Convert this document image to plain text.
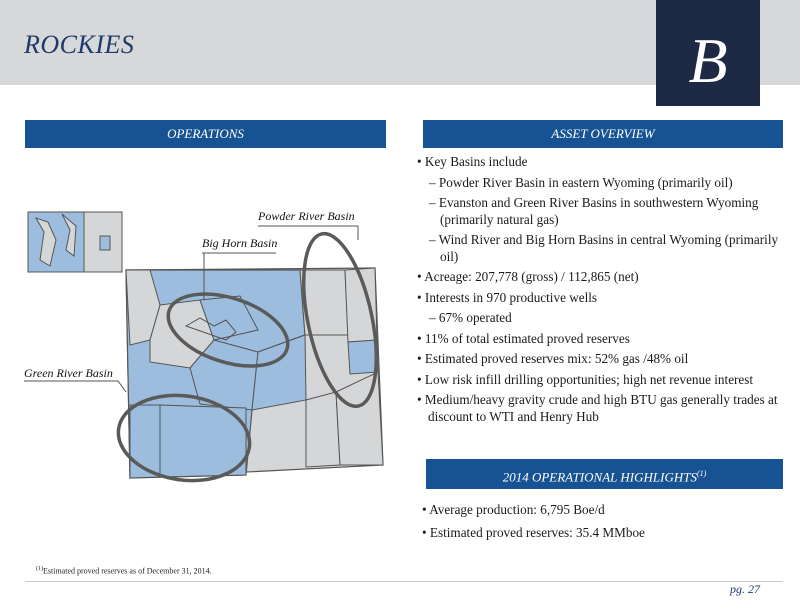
ROCKIES	B
OPERATIONS	ASSET OVERVIEW
2014 OPERATIONAL HIGHLIGHTS$^{(1)}$
Powder River Basin
Big Horn Basin
Green River Basin
• Key Basins include
– Powder River Basin in eastern Wyoming (primarily oil)
– Evanston and Green River Basins in southwestern Wyoming (primarily natural gas)
– Wind River and Big Horn Basins in central Wyoming (primarily oil)
• Acreage: 207,778 (gross) / 112,865 (net)
• Interests in 970 productive wells
– 67% operated
• 11% of total estimated proved reserves
• Estimated proved reserves mix: 52% gas /48% oil
• Low risk infill drilling opportunities; high net revenue interest
• Medium/heavy gravity crude and high BTU gas generally trades at discount to WTI and Henry Hub
• Average production: 6,795 Boe/d
• Estimated proved reserves: 35.4 MMboe
$^{(1)}$Estimated proved reserves as of December 31, 2014.
pg. 27
